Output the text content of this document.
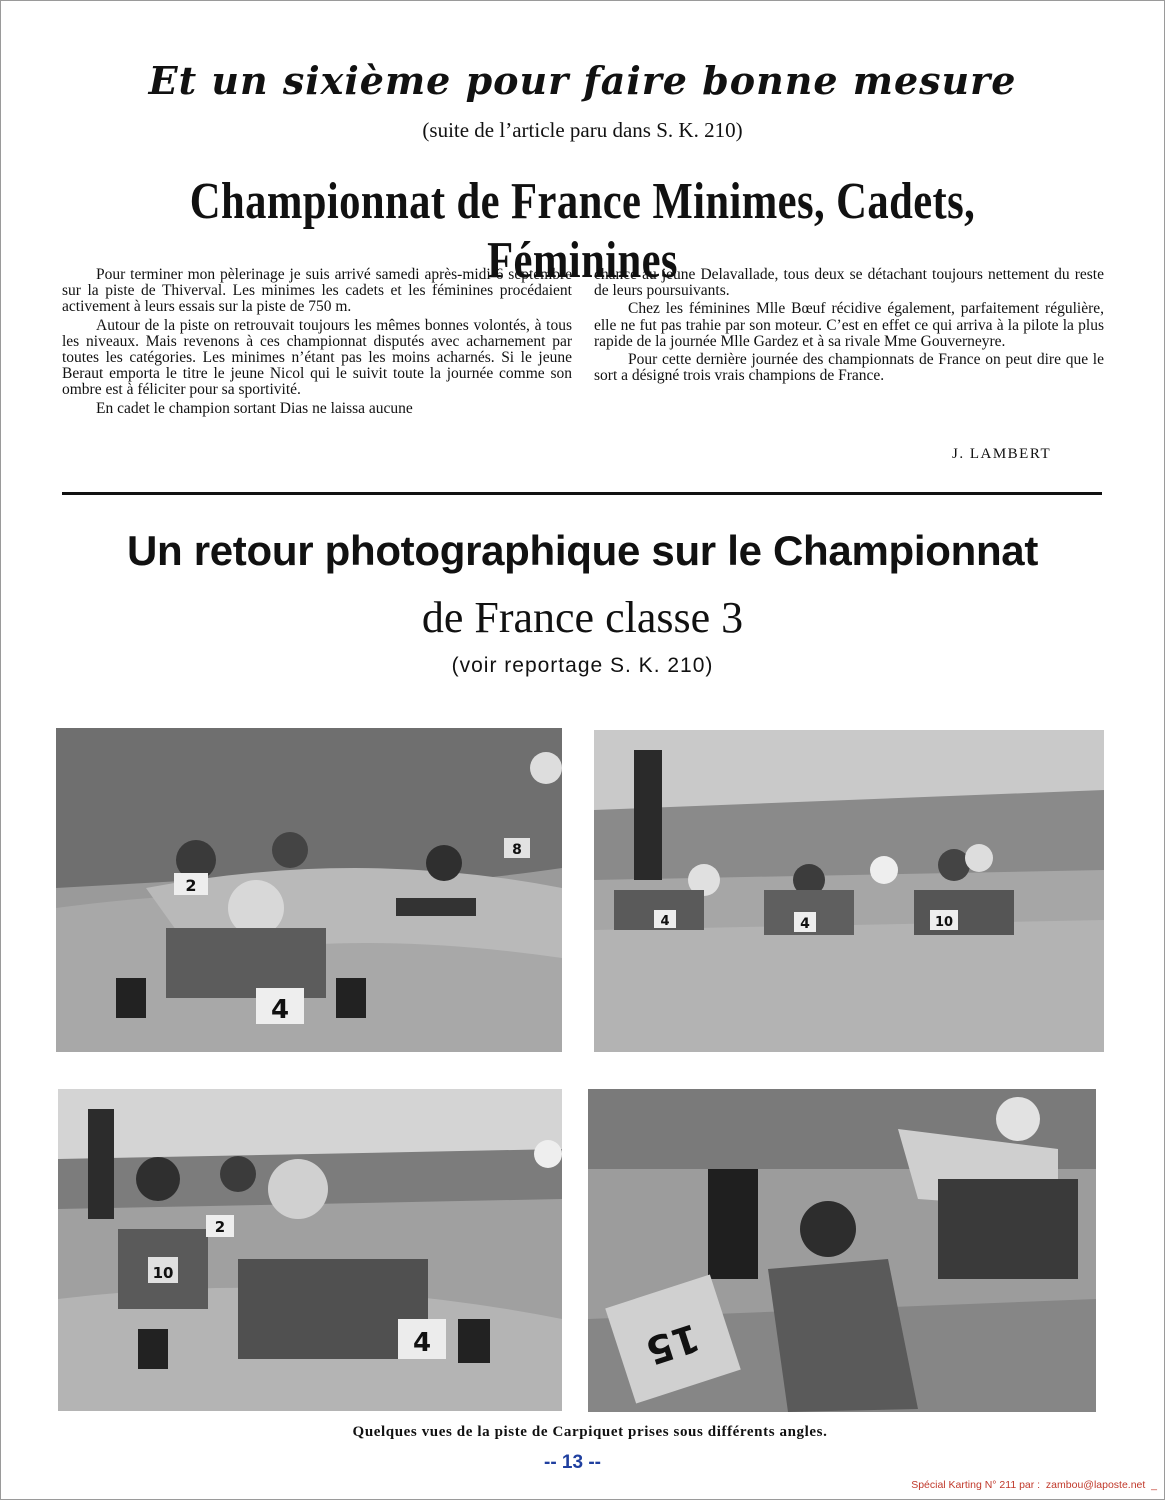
Et un sixième pour faire bonne mesure
(suite de l’article paru dans S. K. 210)
Championnat de France Minimes, Cadets, Féminines

Pour terminer mon pèlerinage je suis arrivé samedi après-midi 6 septembre sur la piste de Thiverval. Les minimes les cadets et les féminines procédaient activement à leurs essais sur la piste de 750 m.

Autour de la piste on retrouvait toujours les mêmes bonnes volontés, à tous les niveaux. Mais revenons à ces championnat disputés avec acharnement par toutes les catégories. Les minimes n’étant pas les moins acharnés. Si le jeune Beraut emporta le titre le jeune Nicol qui le suivit toute la journée comme son ombre est à féliciter pour sa sportivité.

En cadet le champion sortant Dias ne laissa aucune

chance au jeune Delavallade, tous deux se détachant toujours nettement du reste de leurs poursuivants.

Chez les féminines Mlle Bœuf récidive également, parfaitement régulière, elle ne fut pas trahie par son moteur. C’est en effet ce qui arriva à la pilote la plus rapide de la journée Mlle Gardez et à sa rivale Mme Gouverneyre.

Pour cette dernière journée des championnats de France on peut dire que le sort a désigné trois vrais champions de France.

J. LAMBERT
Un retour photographique sur le Championnat
de France classe 3
(voir reportage S. K. 210)
4
2
8
4	4	10
10
2
4	15
Quelques vues de la piste de Carpiquet prises sous différents angles.
-- 13 --
Spécial Karting N° 211 par :  zambou@laposte.net  _
